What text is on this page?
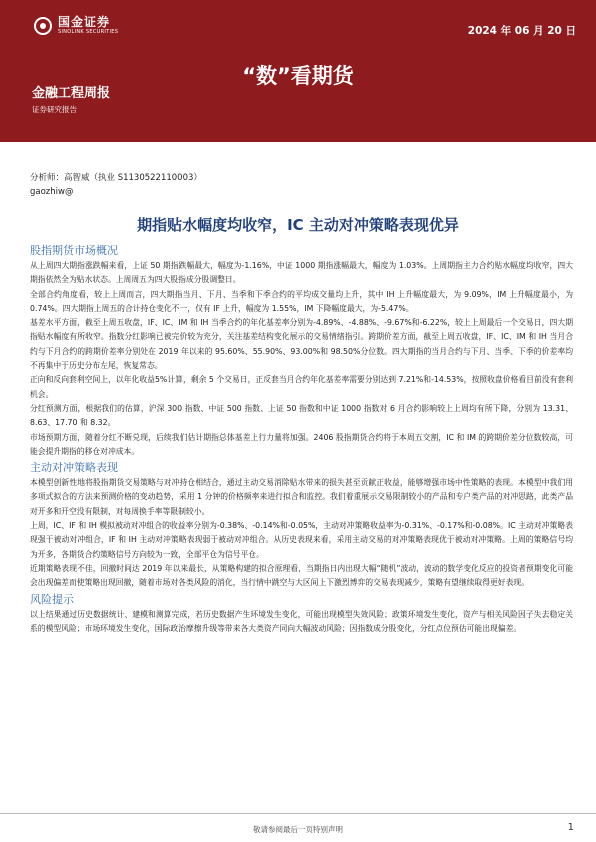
国金证券
SINOLINK SECURITIES	2024 年 06 月 20 日
“数”看期货
金融工程周报
证券研究报告
分析师：高智威（执业 S1130522110003）
gaozhiw@
期指贴水幅度均收窄，IC 主动对冲策略表现优异
股指期货市场概况
从上周四大期指涨跌幅来看，上证 50 期指跌幅最大，幅度为-1.16%，中证 1000 期指涨幅最大，幅度为 1.03%。上周期指主力合约贴水幅度均收窄，四大期指依然全为贴水状态。上周周五为四大股指成分股调整日。
全部合约角度看，较上上周而言，四大期指当月、下月、当季和下季合约的平均成交量均上升，其中 IH 上升幅度最大，为 9.09%，IM 上升幅度最小，为 0.74%。四大期指上周五的合计持仓变化不一，仅有 IF 上升，幅度为 1.55%，IM 下降幅度最大，为-5.47%。
基差水平方面，截至上周五收盘，IF、IC、IM 和 IH 当季合约的年化基差率分别为-4.89%、-4.88%、-9.67%和-6.22%，较上上周最后一个交易日，四大期指贴水幅度有所收窄。指数分红影响已被完价较为充分，关注基差结构变化展示的交易情绪指引。跨期价差方面，截至上周五收盘，IF、IC、IM 和 IH 当月合约与下月合约的跨期价差率分别处在 2019 年以来的 95.60%、55.90%、93.00%和 98.50%分位数。四大期指的当月合约与下月、当季、下季的价差率均不再集中于历史分布左尾，恢复常态。
正向和反向套利空间上，以年化收益5%计算，剩余 5 个交易日，正反套当月合约年化基差率需要分别达到 7.21%和-14.53%，按照收盘价格看目前没有套利机会。
分红预测方面，根据我们的估算，沪深 300 指数、中证 500 指数、上证 50 指数和中证 1000 指数对 6 月合约影响较上上周均有所下降，分别为 13.31、8.63、17.70 和 8.32。
市场预期方面，随着分红不断兑现，后续我们估计期指总体基差上行力量将加强。2406 股指期货合约将于本周五交割，IC 和 IM 的跨期价差分位数较高，可能会提升期指的移仓对冲成本。
主动对冲策略表现
本模型创新性地将股指期货交易策略与对冲持仓相结合，通过主动交易消除贴水带来的损失甚至贡献正收益，能够增强市场中性策略的表现。本模型中我们用多项式拟合的方法来预测价格的变动趋势，采用 1 分钟的价格频率来进行拟合和监控。我们着重展示交易限制较小的产品和专户类产品的对冲思路，此类产品对开多和开空没有限制，对每周换手率等限制较小。
上周，IC、IF 和 IH 模拟被动对冲组合的收益率分别为-0.38%、-0.14%和-0.05%，主动对冲策略收益率为-0.31%、-0.17%和-0.08%。IC 主动对冲策略表现强于被动对冲组合，IF 和 IH 主动对冲策略表现弱于被动对冲组合。从历史表现来看，采用主动交易的对冲策略表现优于被动对冲策略。上周的策略信号均为开多，各期货合约策略信号方向较为一致，全部平仓为信号平仓。
近期策略表现不佳，回撤时间达 2019 年以来最长，从策略构建的拟合原理看，当期指日内出现大幅“随机”波动，波动的数学变化反应的投资者预期变化可能会出现偏差而使策略出现回撤，随着市场对各类风险的消化，当行情中跳空与大区间上下激烈博弈的交易表现减少，策略有望继续取得更好表现。
风险提示
以上结果通过历史数据统计、建模和测算完成，若历史数据产生环境发生变化，可能出现模型失效风险；政策环境发生变化，资产与相关风险因子失去稳定关系的模型风险；市场环境发生变化，国际政治摩擦升级等带来各大类资产同向大幅波动风险；因指数成分股变化，分红点位预估可能出现偏差。
敬请参阅最后一页特别声明	1
